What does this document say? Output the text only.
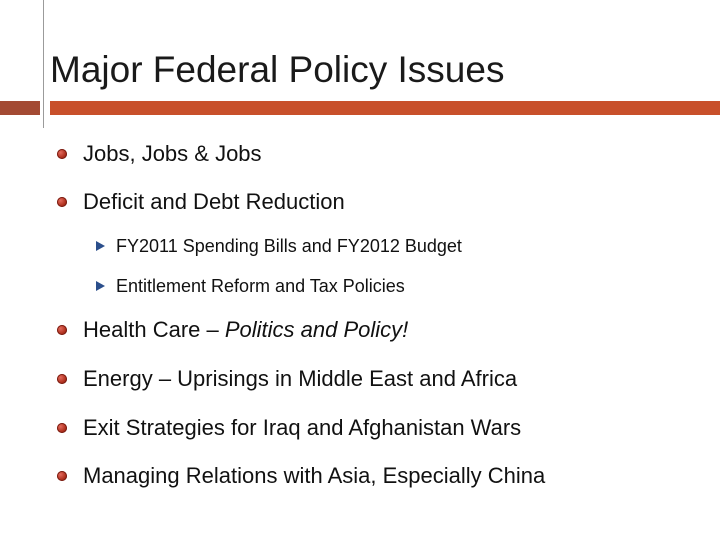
Major Federal Policy Issues
Jobs, Jobs & Jobs
Deficit and Debt Reduction
FY2011 Spending Bills and FY2012 Budget
Entitlement Reform and Tax Policies
Health Care – Politics and Policy!
Energy – Uprisings in Middle East and Africa
Exit Strategies for Iraq and Afghanistan Wars
Managing Relations with Asia, Especially China
